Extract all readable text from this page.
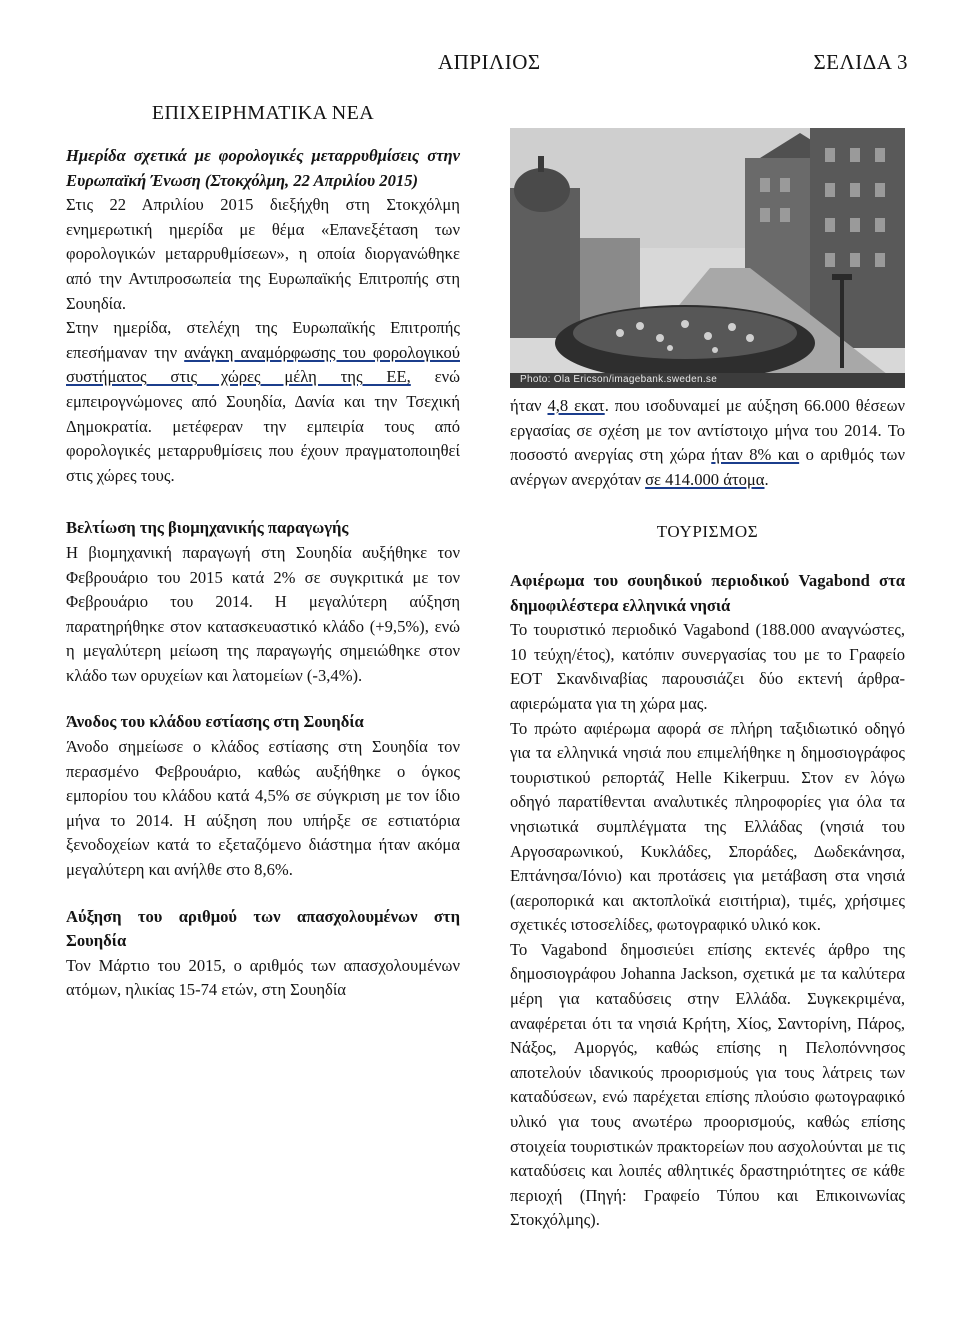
ΑΠΡΙΛΙΟΣ	ΣΕΛΙΔΑ 3
ΕΠΙΧΕΙΡΗΜΑΤΙΚΑ ΝΕΑ

Ημερίδα σχετικά με φορολογικές μεταρρυθμίσεις στην Ευρωπαϊκή Ένωση (Στοκχόλμη, 22 Απριλίου 2015)

Στις 22 Απριλίου 2015 διεξήχθη στη Στοκχόλμη ενημερωτική ημερίδα με θέμα «Επανεξέταση των φορολογικών μεταρρυθμίσεων», η οποία διοργανώθηκε από την Αντιπροσωπεία της Ευρωπαϊκής Επιτροπής στη Σουηδία.

Στην ημερίδα, στελέχη της Ευρωπαϊκής Επιτροπής επεσήμαναν την ανάγκη αναμόρφωσης του φορολογικού συστήματος στις χώρες μέλη της ΕΕ, ενώ εμπειρογνώμονες από Σουηδία, Δανία και την Τσεχική Δημοκρατία. μετέφεραν την εμπειρία τους από φορολογικές μεταρρυθμίσεις που έχουν πραγματοποιηθεί στις χώρες τους.

Βελτίωση της βιομηχανικής παραγωγής

Η βιομηχανική παραγωγή στη Σουηδία αυξήθηκε τον Φεβρουάριο του 2015 κατά 2% σε συγκριτικά με τον Φεβρουάριο του 2014. Η μεγαλύτερη αύξηση παρατηρήθηκε στον κατασκευαστικό κλάδο (+9,5%), ενώ η μεγαλύτερη μείωση της παραγωγής σημειώθηκε στον κλάδο των ορυχείων και λατομείων (-3,4%).

Άνοδος του κλάδου εστίασης στη Σουηδία

Άνοδο σημείωσε ο κλάδος εστίασης στη Σουηδία τον περασμένο Φεβρουάριο, καθώς αυξήθηκε ο όγκος εμπορίου του κλάδου κατά 4,5% σε σύγκριση με τον ίδιο μήνα το 2014. Η αύξηση που υπήρξε σε εστιατόρια ξενοδοχείων κατά το εξεταζόμενο διάστημα ήταν ακόμα μεγαλύτερη και ανήλθε στο 8,6%.

Αύξηση του αριθμού των απασχολουμένων στη Σουηδία

Τον Μάρτιο του 2015, ο αριθμός των απασχολουμένων ατόμων, ηλικίας 15-74 ετών, στη Σουηδία

Photo: Ola Ericson/imagebank.sweden.se

ήταν 4,8 εκατ. που ισοδυναμεί με αύξηση 66.000 θέσεων εργασίας σε σχέση με τον αντίστοιχο μήνα του 2014. Το ποσοστό ανεργίας στη χώρα ήταν 8% και ο αριθμός των ανέργων ανερχόταν σε 414.000 άτομα.

ΤΟΥΡΙΣΜΟΣ

Αφιέρωμα του σουηδικού περιοδικού Vagabond στα δημοφιλέστερα ελληνικά νησιά

Το τουριστικό περιοδικό Vagabond (188.000 αναγνώστες, 10 τεύχη/έτος), κατόπιν συνεργασίας του με το Γραφείο ΕΟΤ Σκανδιναβίας παρουσιάζει δύο εκτενή άρθρα-αφιερώματα για τη χώρα μας.

Το πρώτο αφιέρωμα αφορά σε πλήρη ταξιδιωτικό οδηγό για τα ελληνικά νησιά που επιμελήθηκε η δημοσιογράφος τουριστικού ρεπορτάζ Helle Kikerpuu. Στον εν λόγω οδηγό παρατίθενται αναλυτικές πληροφορίες για όλα τα νησιωτικά συμπλέγματα της Ελλάδας (νησιά του Αργοσαρωνικού, Κυκλάδες, Σποράδες, Δωδεκάνησα, Επτάνησα/Ιόνιο) και προτάσεις για μετάβαση στα νησιά (αεροπορικά και ακτοπλοϊκά εισιτήρια), τιμές, χρήσιμες σχετικές ιστοσελίδες, φωτογραφικό υλικό κοκ.

Το Vagabond δημοσιεύει επίσης εκτενές άρθρο της δημοσιογράφου Johanna Jackson, σχετικά με τα καλύτερα μέρη για καταδύσεις στην Ελλάδα. Συγκεκριμένα, αναφέρεται ότι τα νησιά Κρήτη, Χίος, Σαντορίνη, Πάρος, Νάξος, Αμοργός, καθώς επίσης η Πελοπόννησος αποτελούν ιδανικούς προορισμούς για τους λάτρεις των καταδύσεων, ενώ παρέχεται επίσης πλούσιο φωτογραφικό υλικό για τους ανωτέρω προορισμούς, καθώς επίσης στοιχεία τουριστικών πρακτορείων που ασχολούνται με τις καταδύσεις και λοιπές αθλητικές δραστηριότητες σε κάθε περιοχή (Πηγή: Γραφείο Τύπου και Επικοινωνίας Στοκχόλμης).
